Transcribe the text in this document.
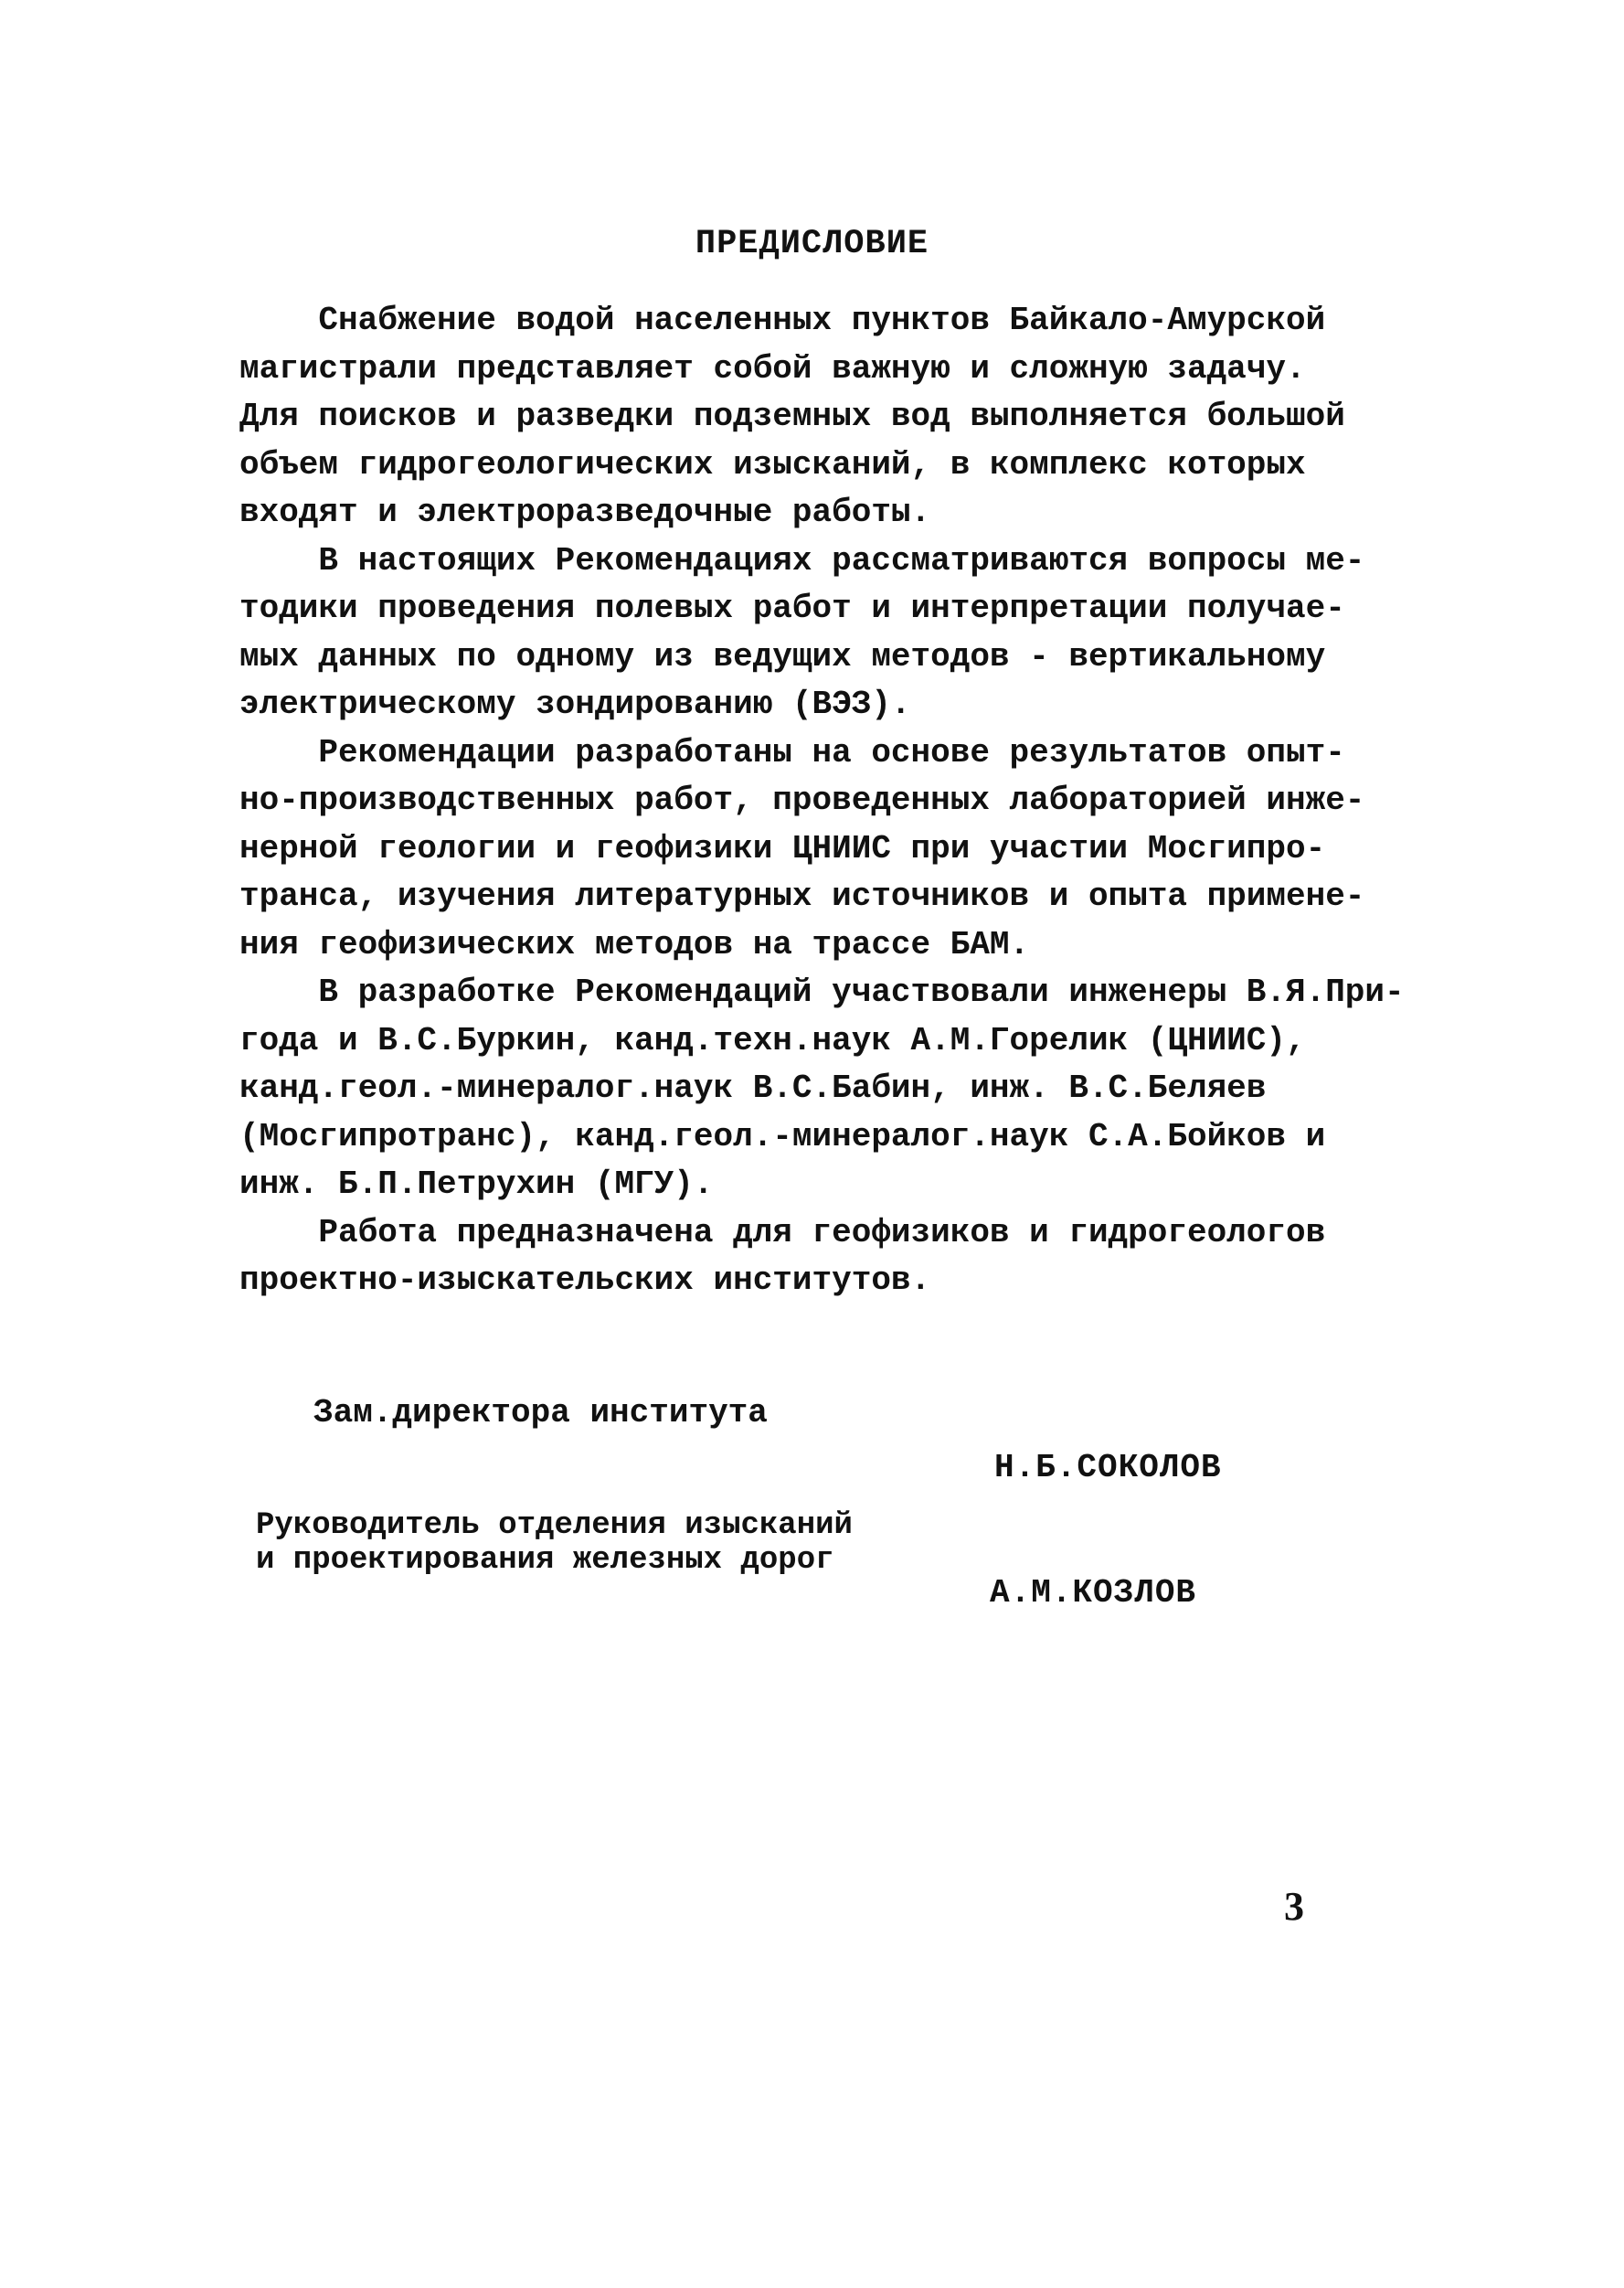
ПРЕДИСЛОВИЕ
Снабжение водой населенных пунктов Байкало-Амурской
магистрали представляет собой важную и сложную задачу.
Для поисков и разведки подземных вод выполняется большой
объем гидрогеологических изысканий, в комплекс которых
входят и электроразведочные работы.
В настоящих Рекомендациях рассматриваются вопросы ме-
тодики проведения полевых работ и интерпретации получае-
мых данных по одному из ведущих методов - вертикальному
электрическому зондированию (ВЭЗ).
Рекомендации разработаны на основе результатов опыт-
но-производственных работ, проведенных лабораторией инже-
нерной геологии и геофизики ЦНИИС при участии Мосгипро-
транса, изучения литературных источников и опыта примене-
ния геофизических методов на трассе БАМ.
В разработке Рекомендаций участвовали инженеры В.Я.При-
года и В.С.Буркин, канд.техн.наук А.М.Горелик (ЦНИИС),
канд.геол.-минералог.наук В.С.Бабин, инж. В.С.Беляев
(Мосгипротранс), канд.геол.-минералог.наук С.А.Бойков и
инж. Б.П.Петрухин (МГУ).
Работа предназначена для геофизиков и гидрогеологов
проектно-изыскательских институтов.
Зам.директора института
Н.Б.СОКОЛОВ
Руководитель отделения изысканий
и проектирования железных дорог
А.М.КОЗЛОВ
3
